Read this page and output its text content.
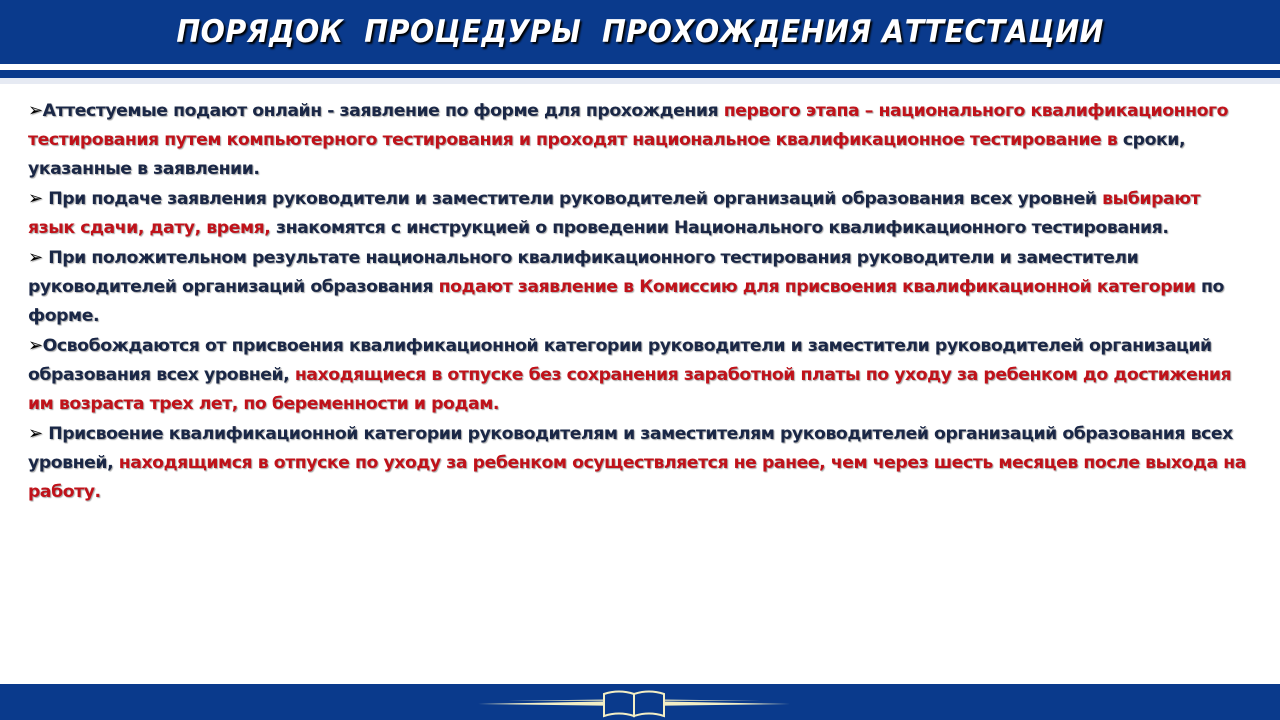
ПОРЯДОК  ПРОЦЕДУРЫ  ПРОХОЖДЕНИЯ АТТЕСТАЦИИ

➢Аттестуемые подают онлайн - заявление по форме для прохождения первого этапа – национального квалификационного тестирования путем компьютерного тестирования и проходят национальное квалификационное тестирование в сроки, указанные в заявлении.

➢ При подаче заявления руководители и заместители руководителей организаций образования всех уровней выбирают язык сдачи, дату, время, знакомятся с инструкцией о проведении Национального квалификационного тестирования.

➢ При положительном результате национального квалификационного тестирования руководители и заместители руководителей организаций образования подают заявление в Комиссию для присвоения квалификационной категории по форме.

➢Освобождаются от присвоения квалификационной категории руководители и заместители руководителей организаций образования всех уровней, находящиеся в отпуске без сохранения заработной платы по уходу за ребенком до достижения им возраста трех лет, по беременности и родам.

➢ Присвоение квалификационной категории руководителям и заместителям руководителей организаций образования всех уровней, находящимся в отпуске по уходу за ребенком осуществляется не ранее, чем через шесть месяцев после выхода на работу.
